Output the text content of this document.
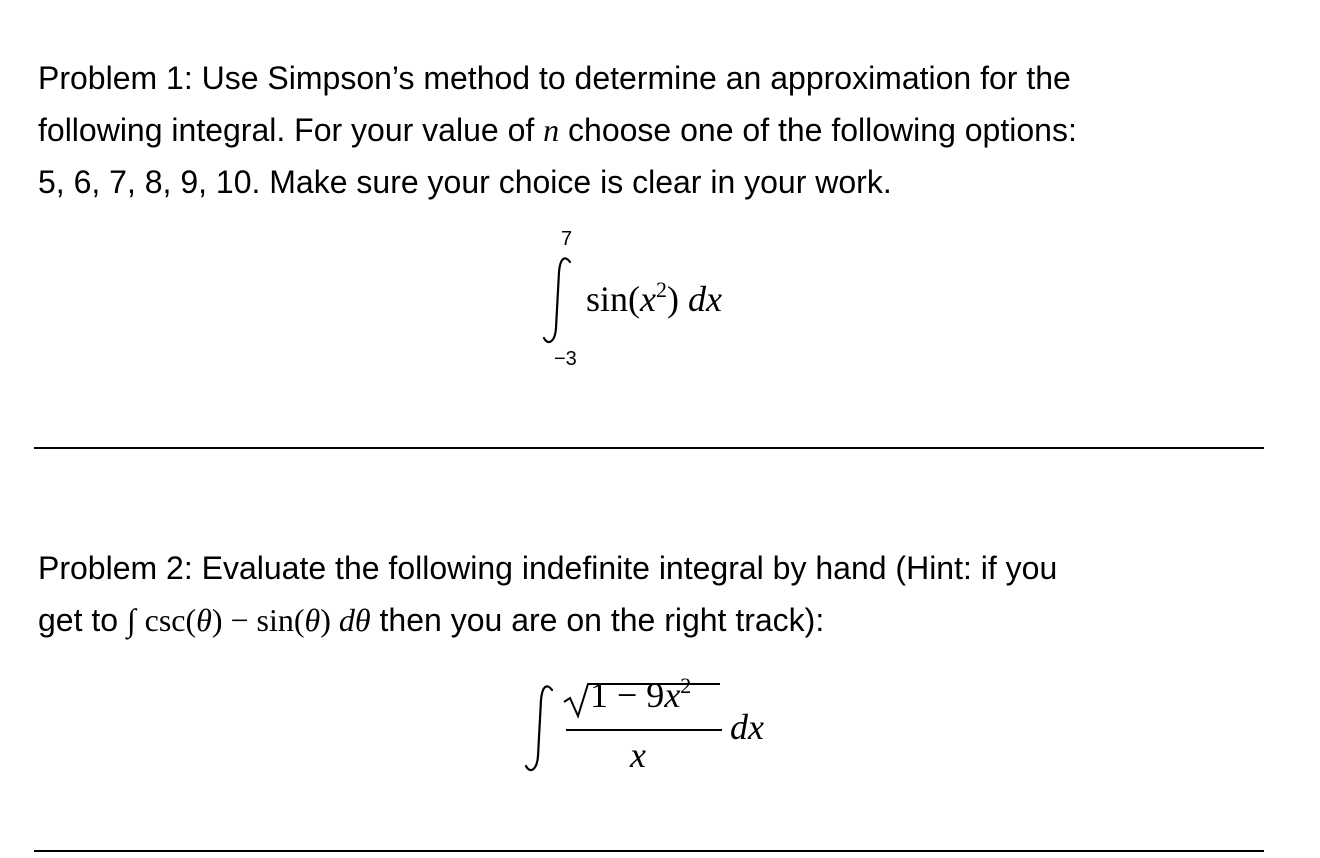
Problem 1: Use Simpson’s method to determine an approximation for the
following integral. For your value of n choose one of the following options:
5, 6, 7, 8, 9, 10. Make sure your choice is clear in your work.
7
−3
$\sin(x^2)$ dx
Problem 2: Evaluate the following indefinite integral by hand (Hint: if you
get to ∫ csc(θ) − sin(θ) dθ then you are on the right track):
$1 - 9x^2$
x
dx
